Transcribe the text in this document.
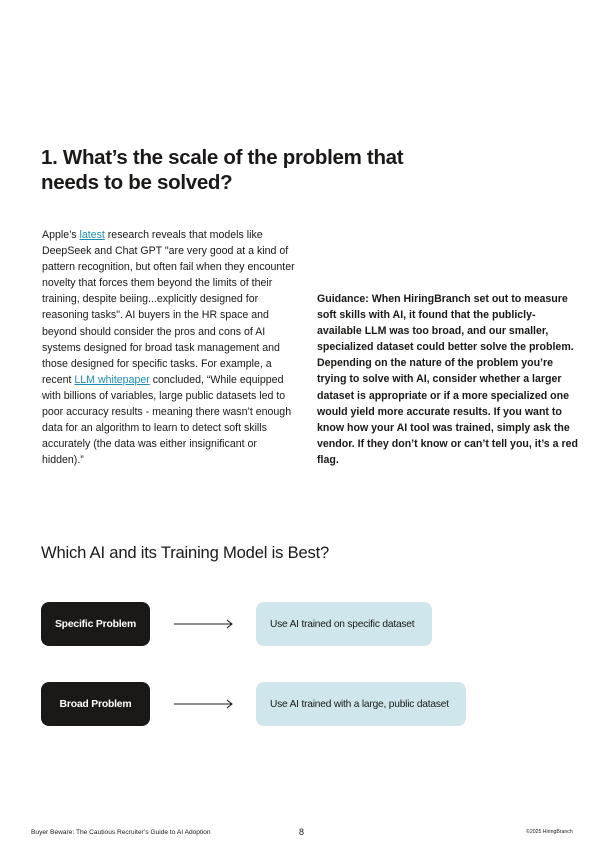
1. What’s the scale of the problem that
needs to be solved?

Apple’s latest research reveals that models like DeepSeek and Chat GPT "are very good at a kind of pattern recognition, but often fail when they encounter novelty that forces them beyond the limits of their training, despite beiing...explicitly designed for reasoning tasks". AI buyers in the HR space and beyond should consider the pros and cons of AI systems designed for broad task management and those designed for specific tasks. For example, a recent LLM whitepaper concluded, “While equipped with billions of variables, large public datasets led to poor accuracy results - meaning there wasn’t enough data for an algorithm to learn to detect soft skills accurately (the data was either insignificant or hidden).”

Guidance: When HiringBranch set out to measure soft skills with AI, it found that the publicly-available LLM was too broad, and our smaller, specialized dataset could better solve the problem. Depending on the nature of the problem you’re trying to solve with AI, consider whether a larger dataset is appropriate or if a more specialized one would yield more accurate results. If you want to know how your AI tool was trained, simply ask the vendor. If they don’t know or can’t tell you, it’s a red flag.

Which AI and its Training Model is Best?
Specific Problem	Use AI trained on specific dataset
Broad Problem	Use AI trained with a large, public dataset
Buyer Beware: The Cautious Recruiter’s Guide to AI Adoption	8	©2025 HiringBranch
